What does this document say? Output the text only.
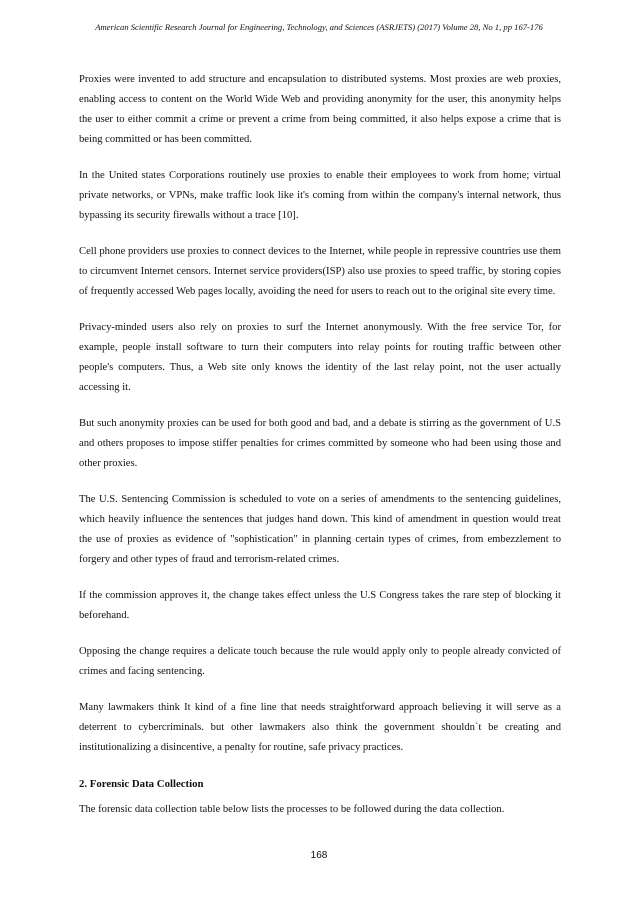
American Scientific Research Journal for Engineering, Technology, and Sciences (ASRJETS) (2017) Volume 28, No 1, pp 167-176

Proxies were invented to add structure and encapsulation to distributed systems. Most proxies are web proxies, enabling access to content on the World Wide Web and providing anonymity for the user, this anonymity helps the user to either commit a crime or prevent a crime from being committed, it also helps expose a crime that is being committed or has been committed.

In the United states Corporations routinely use proxies to enable their employees to work from home; virtual private networks, or VPNs, make traffic look like it's coming from within the company's internal network, thus bypassing its security firewalls without a trace [10].

Cell phone providers use proxies to connect devices to the Internet, while people in repressive countries use them to circumvent Internet censors. Internet service providers(ISP) also use proxies to speed traffic, by storing copies of frequently accessed Web pages locally, avoiding the need for users to reach out to the original site every time.

Privacy-minded users also rely on proxies to surf the Internet anonymously. With the free service Tor, for example, people install software to turn their computers into relay points for routing traffic between other people's computers. Thus, a Web site only knows the identity of the last relay point, not the user actually accessing it.

But such anonymity proxies can be used for both good and bad, and a debate is stirring as the government of U.S and others proposes to impose stiffer penalties for crimes committed by someone who had been using those and other proxies.

The U.S. Sentencing Commission is scheduled to vote on a series of amendments to the sentencing guidelines, which heavily influence the sentences that judges hand down. This kind of amendment in question would treat the use of proxies as evidence of "sophistication" in planning certain types of crimes, from embezzlement to forgery and other types of fraud and terrorism-related crimes.

If the commission approves it, the change takes effect unless the U.S Congress takes the rare step of blocking it beforehand.

Opposing the change requires a delicate touch because the rule would apply only to people already convicted of crimes and facing sentencing.

Many lawmakers think It kind of a fine line that needs straightforward approach believing it will serve as a deterrent to cybercriminals. but other lawmakers also think the government shouldn`t be creating and institutionalizing a disincentive, a penalty for routine, safe privacy practices.

2. Forensic Data Collection

The forensic data collection table below lists the processes to be followed during the data collection.

168
